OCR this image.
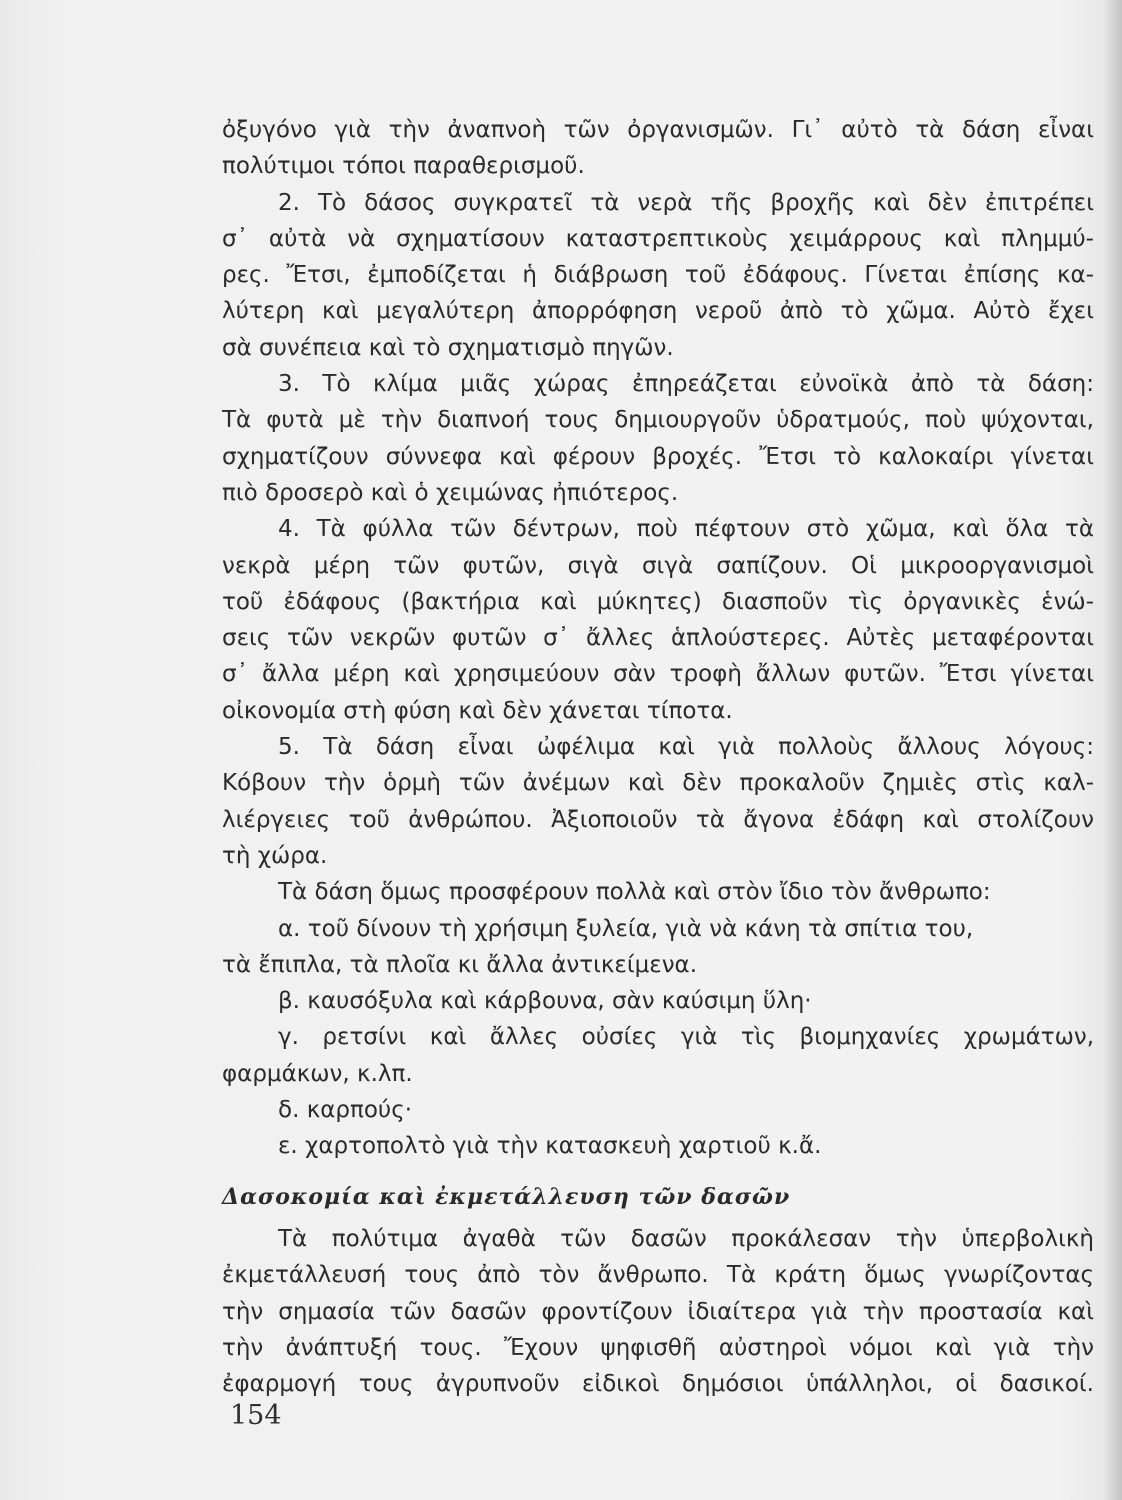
ὀξυγόνο γιὰ τὴν ἀναπνοὴ τῶν ὀργανισμῶν. Γι᾽ αὐτὸ τὰ δάση εἶναι

πολύτιμοι τόποι παραθερισμοῦ.

2. Τὸ δάσος συγκρατεῖ τὰ νερὰ τῆς βροχῆς καὶ δὲν ἐπιτρέπει

σ᾽ αὐτὰ νὰ σχηματίσουν καταστρεπτικοὺς χειμάρρους καὶ πλημμύ-

ρες. Ἔτσι, ἐμποδίζεται ἡ διάβρωση τοῦ ἐδάφους. Γίνεται ἐπίσης κα-

λύτερη καὶ μεγαλύτερη ἀπορρόφηση νεροῦ ἀπὸ τὸ χῶμα. Αὐτὸ ἔχει

σὰ συνέπεια καὶ τὸ σχηματισμὸ πηγῶν.

3. Τὸ κλίμα μιᾶς χώρας ἐπηρεάζεται εὐνοϊκὰ ἀπὸ τὰ δάση:

Τὰ φυτὰ μὲ τὴν διαπνοή τους δημιουργοῦν ὑδρατμούς, ποὺ ψύχονται,

σχηματίζουν σύννεφα καὶ φέρουν βροχές. Ἔτσι τὸ καλοκαίρι γίνεται

πιὸ δροσερὸ καὶ ὁ χειμώνας ἠπιότερος.

4. Τὰ φύλλα τῶν δέντρων, ποὺ πέφτουν στὸ χῶμα, καὶ ὅλα τὰ

νεκρὰ μέρη τῶν φυτῶν, σιγὰ σιγὰ σαπίζουν. Οἱ μικροοργανισμοὶ

τοῦ ἐδάφους (βακτήρια καὶ μύκητες) διασποῦν τὶς ὀργανικὲς ἑνώ-

σεις τῶν νεκρῶν φυτῶν σ᾽ ἄλλες ἁπλούστερες. Αὐτὲς μεταφέρονται

σ᾽ ἄλλα μέρη καὶ χρησιμεύουν σὰν τροφὴ ἄλλων φυτῶν. Ἔτσι γίνεται

οἰκονομία στὴ φύση καὶ δὲν χάνεται τίποτα.

5. Τὰ δάση εἶναι ὠφέλιμα καὶ γιὰ πολλοὺς ἄλλους λόγους:

Κόβουν τὴν ὁρμὴ τῶν ἀνέμων καὶ δὲν προκαλοῦν ζημιὲς στὶς καλ-

λιέργειες τοῦ ἀνθρώπου. Ἀξιοποιοῦν τὰ ἄγονα ἐδάφη καὶ στολίζουν

τὴ χώρα.

Τὰ δάση ὅμως προσφέρουν πολλὰ καὶ στὸν ἴδιο τὸν ἄνθρωπο:

α. τοῦ δίνουν τὴ χρήσιμη ξυλεία, γιὰ νὰ κάνη τὰ σπίτια του,

τὰ ἔπιπλα, τὰ πλοῖα κι ἄλλα ἀντικείμενα.

β. καυσόξυλα καὶ κάρβουνα, σὰν καύσιμη ὕλη·

γ. ρετσίνι καὶ ἄλλες οὐσίες γιὰ τὶς βιομηχανίες χρωμάτων,

φαρμάκων, κ.λπ.

δ. καρπούς·

ε. χαρτοπολτὸ γιὰ τὴν κατασκευὴ χαρτιοῦ κ.ἄ.

Δασοκομία καὶ ἐκμετάλλευση τῶν δασῶν

Τὰ πολύτιμα ἀγαθὰ τῶν δασῶν προκάλεσαν τὴν ὑπερβολικὴ

ἐκμετάλλευσή τους ἀπὸ τὸν ἄνθρωπο. Τὰ κράτη ὅμως γνωρίζοντας

τὴν σημασία τῶν δασῶν φροντίζουν ἰδιαίτερα γιὰ τὴν προστασία καὶ

τὴν ἀνάπτυξή τους. Ἔχουν ψηφισθῆ αὐστηροὶ νόμοι καὶ γιὰ τὴν

ἐφαρμογή τους ἀγρυπνοῦν εἰδικοὶ δημόσιοι ὑπάλληλοι, οἱ δασικοί.

154
